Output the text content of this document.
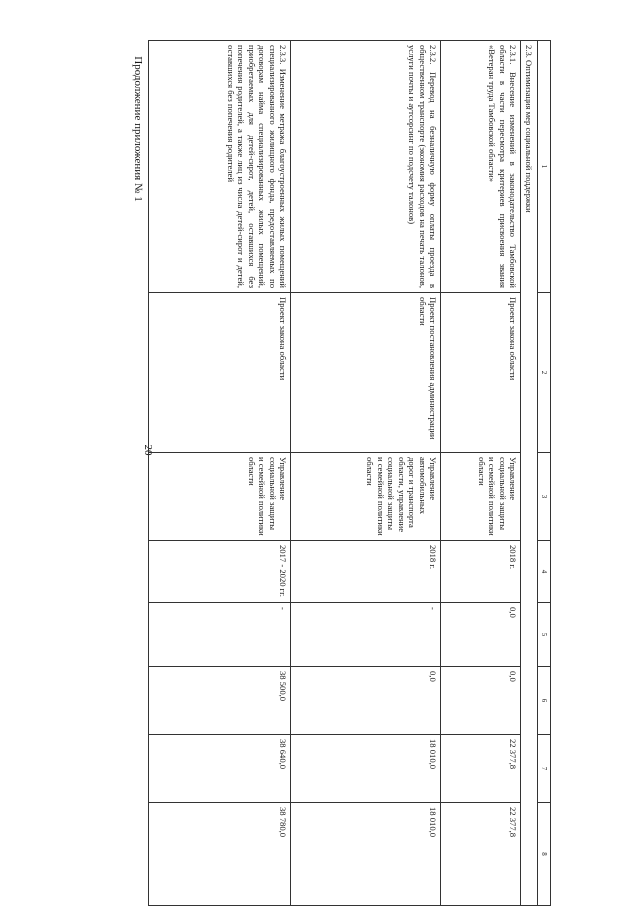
20
Продолжение приложения № 1	1	2	3	4	5	6	7	8
2.3. Оптимизация мер социальной поддержки							
2.3.1. Внесение изменений в законодательство Тамбовской области в части пересмотра критериев присвоения звания «Ветеран труда Тамбовской области»	Проект закона области	Управление социальной защиты и семейной политики области	2018 г.	0,0	0,0	22 377,8	22 377,8
2.3.2. Перевод на безналичную форму оплаты проезда в общественном транспорте (экономия расходов на печать талонов, услуги почты и аутсорсинг по подсчету талонов)	Проект постановления администрации области	Управление автомобильных дорог и транспорта области, управление социальной защиты и семейной политики области	2018 г.	-	0,0	18 010,0	18 010,0
2.3.3. Изменение метража благоустроенных жилых помещений специализированного жилищного фонда, предоставляемых по договорам найма специализированных жилых помещений, приобретаемых для детей-сирот, детей, оставшихся без попечения родителей, а также лиц из числа детей-сирот и детей, оставшихся без попечения родителей	Проект закона области	Управление социальной защиты и семейной политики области	2017 - 2020 гг.	-	38 500,0	38 640,0	38 780,0
